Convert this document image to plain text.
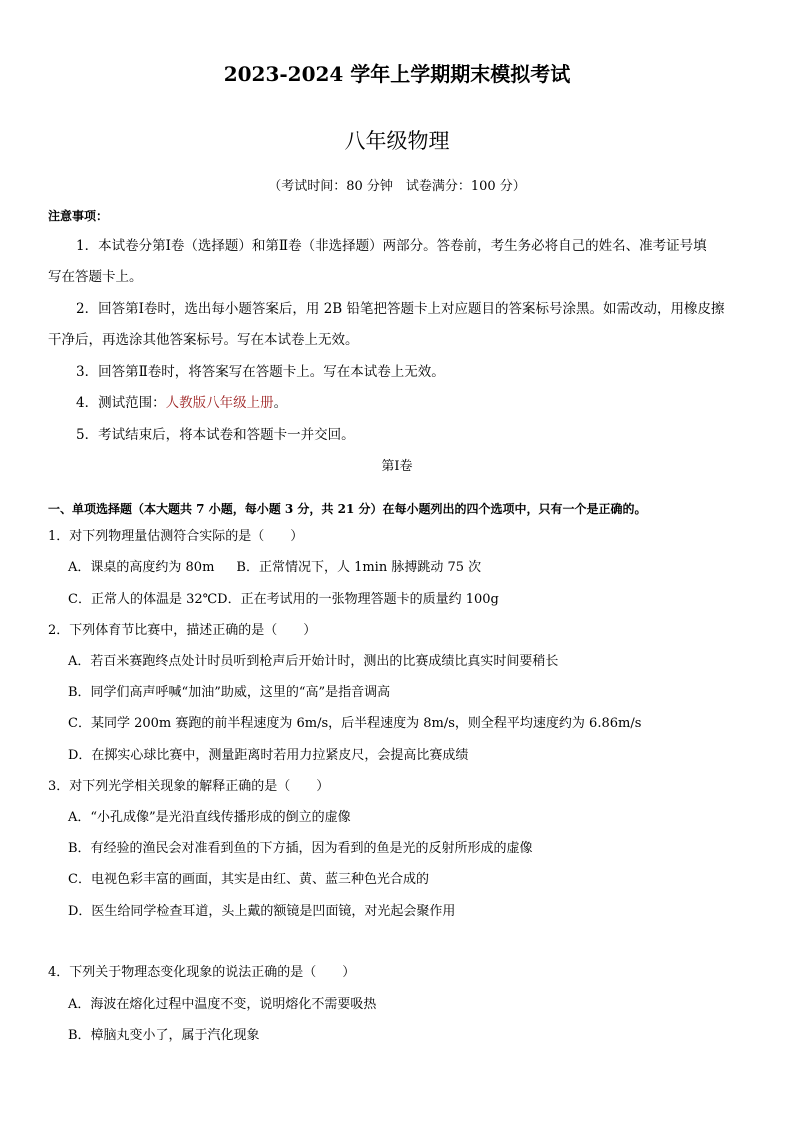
2023-2024 学年上学期期末模拟考试
八年级物理
（考试时间：80 分钟　试卷满分：100 分）
注意事项：
1．本试卷分第Ⅰ卷（选择题）和第Ⅱ卷（非选择题）两部分。答卷前，考生务必将自己的姓名、准考证号填
写在答题卡上。
2．回答第Ⅰ卷时，选出每小题答案后，用 2B 铅笔把答题卡上对应题目的答案标号涂黑。如需改动，用橡皮擦
干净后，再选涂其他答案标号。写在本试卷上无效。
3．回答第Ⅱ卷时，将答案写在答题卡上。写在本试卷上无效。
4．测试范围：人教版八年级上册。
5．考试结束后，将本试卷和答题卡一并交回。
第Ⅰ卷
一、单项选择题（本大题共 7 小题，每小题 3 分，共 21 分）在每小题列出的四个选项中，只有一个是正确的。
1．对下列物理量估测符合实际的是（　　）
A．课桌的高度约为 80m B．正常情况下，人 1min 脉搏跳动 75 次
C．正常人的体温是 32℃D．正在考试用的一张物理答题卡的质量约 100g
2．下列体育节比赛中，描述正确的是（　　）
A．若百米赛跑终点处计时员听到枪声后开始计时，测出的比赛成绩比真实时间要稍长
B．同学们高声呼喊“加油”助威，这里的“高”是指音调高
C．某同学 200m 赛跑的前半程速度为 6m/s，后半程速度为 8m/s，则全程平均速度约为 6.86m/s
D．在掷实心球比赛中，测量距离时若用力拉紧皮尺，会提高比赛成绩
3．对下列光学相关现象的解释正确的是（　　）
A．“小孔成像”是光沿直线传播形成的倒立的虚像
B．有经验的渔民会对准看到鱼的下方插，因为看到的鱼是光的反射所形成的虚像
C．电视色彩丰富的画面，其实是由红、黄、蓝三种色光合成的
D．医生给同学检查耳道，头上戴的额镜是凹面镜，对光起会聚作用
4．下列关于物理态变化现象的说法正确的是（　　）
A．海波在熔化过程中温度不变，说明熔化不需要吸热
B．樟脑丸变小了，属于汽化现象
